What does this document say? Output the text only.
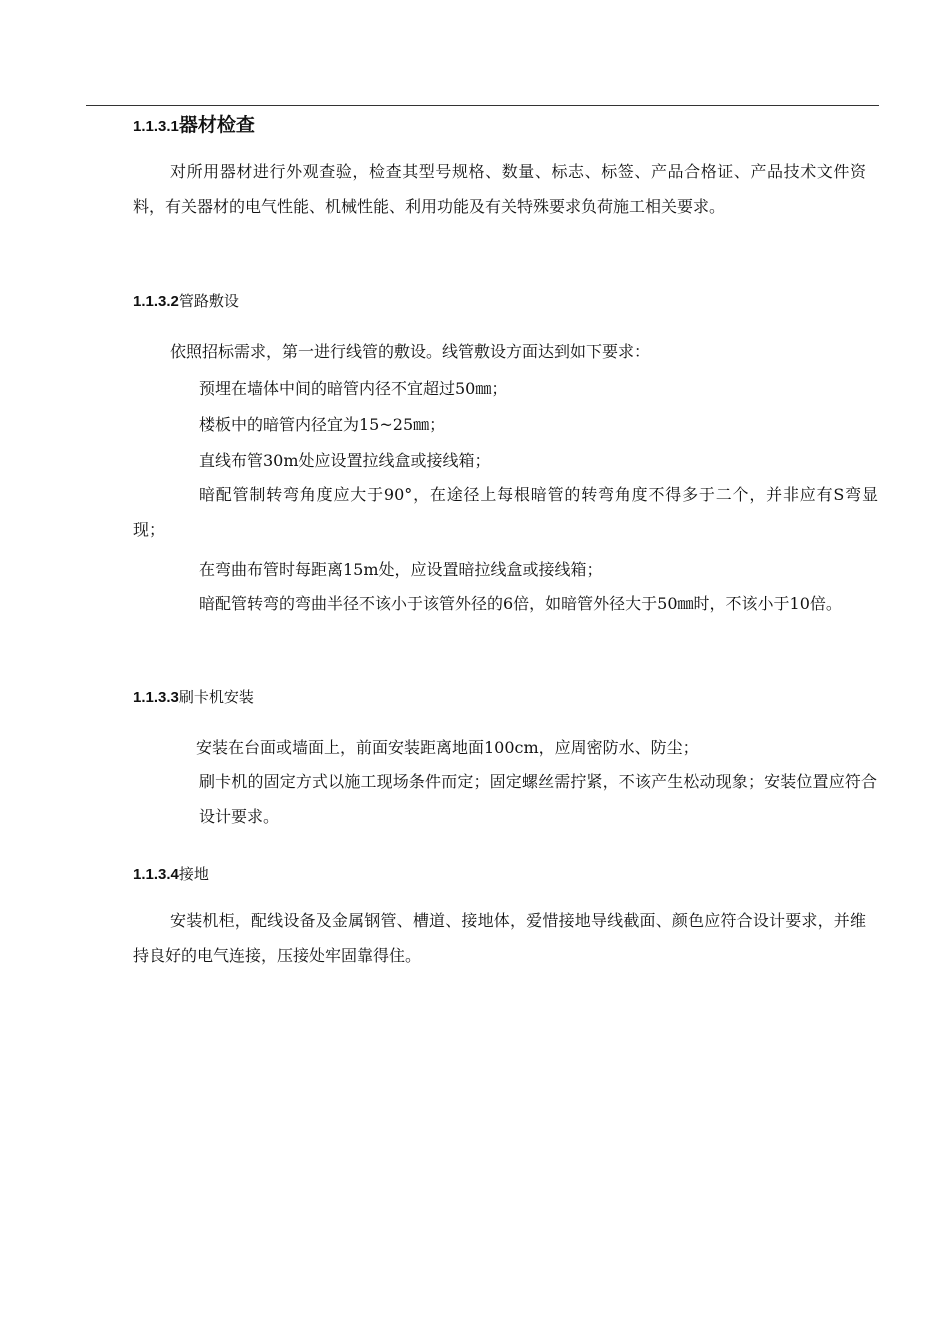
1.1.3.1器材检查

对所用器材进行外观查验，检查其型号规格、数量、标志、标签、产品合格证、产品技术文件资料，有关器材的电气性能、机械性能、利用功能及有关特殊要求负荷施工相关要求。

1.1.3.2管路敷设
依照招标需求，第一进行线管的敷设。线管敷设方面达到如下要求：
预埋在墙体中间的暗管内径不宜超过50㎜；
楼板中的暗管内径宜为15~25㎜；
直线布管30m处应设置拉线盒或接线箱；

暗配管制转弯角度应大于90°，在途径上每根暗管的转弯角度不得多于二个，并非应有S弯显现；

在弯曲布管时每距离15m处，应设置暗拉线盒或接线箱；

暗配管转弯的弯曲半径不该小于该管外径的6倍，如暗管外径大于50㎜时，不该小于10倍。

1.1.3.3刷卡机安装
安装在台面或墙面上，前面安装距离地面100cm，应周密防水、防尘；

刷卡机的固定方式以施工现场条件而定；固定螺丝需拧紧，不该产生松动现象；安装位置应符合设计要求。

1.1.3.4接地

安装机柜，配线设备及金属钢管、槽道、接地体，爱惜接地导线截面、颜色应符合设计要求，并维持良好的电气连接，压接处牢固靠得住。
